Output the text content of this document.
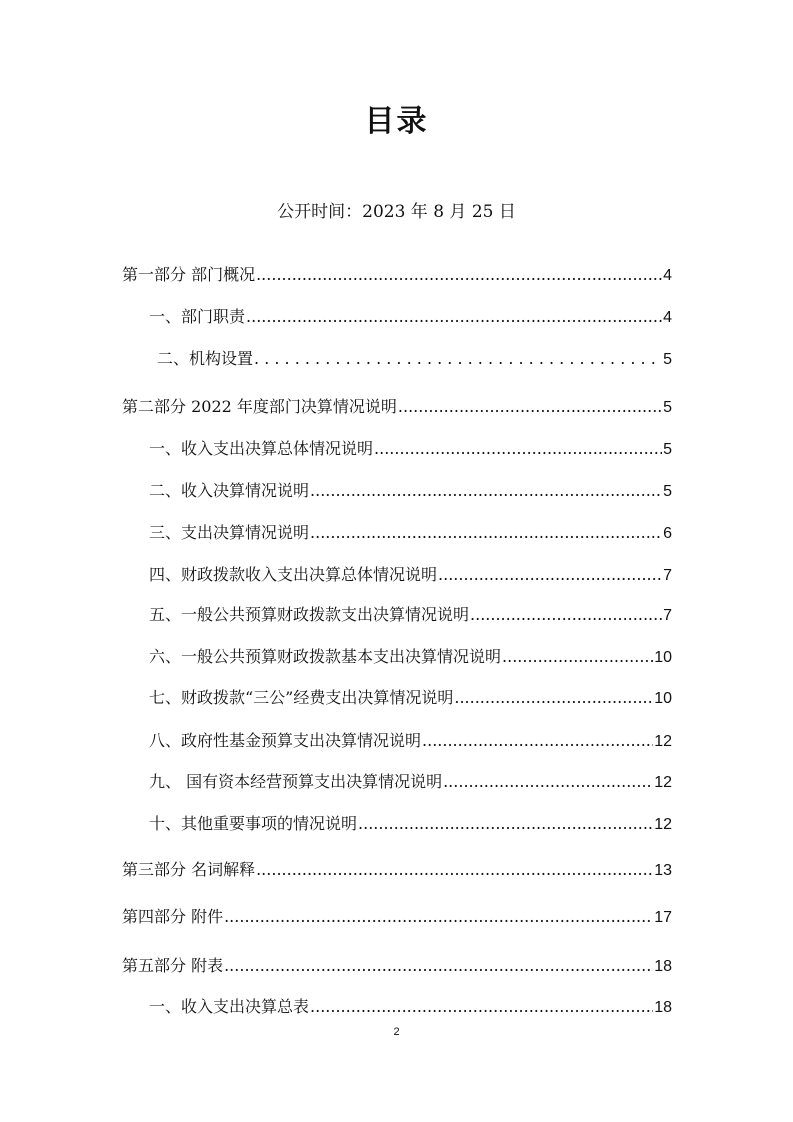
目录
公开时间：2023 年 8 月 25 日
第一部分 部门概况 .....	4
一、部门职责 .....	4
二、机构设置 . . .	5
第二部分 2022 年度部门决算情况说明 .....	5
一、收入支出决算总体情况说明 .....	5
二、收入决算情况说明 .....	5
三、支出决算情况说明 .....	6
四、财政拨款收入支出决算总体情况说明 .....	7
五、一般公共预算财政拨款支出决算情况说明 .....	7
六、一般公共预算财政拨款基本支出决算情况说明 .....	10
七、财政拨款“三公”经费支出决算情况说明 .....	10
八、政府性基金预算支出决算情况说明 .....	12
九、 国有资本经营预算支出决算情况说明 .....	12
十、其他重要事项的情况说明 .....	12
第三部分 名词解释 .....	13
第四部分 附件 .....	17
第五部分 附表 .....	18
一、收入支出决算总表 .....	18
2
